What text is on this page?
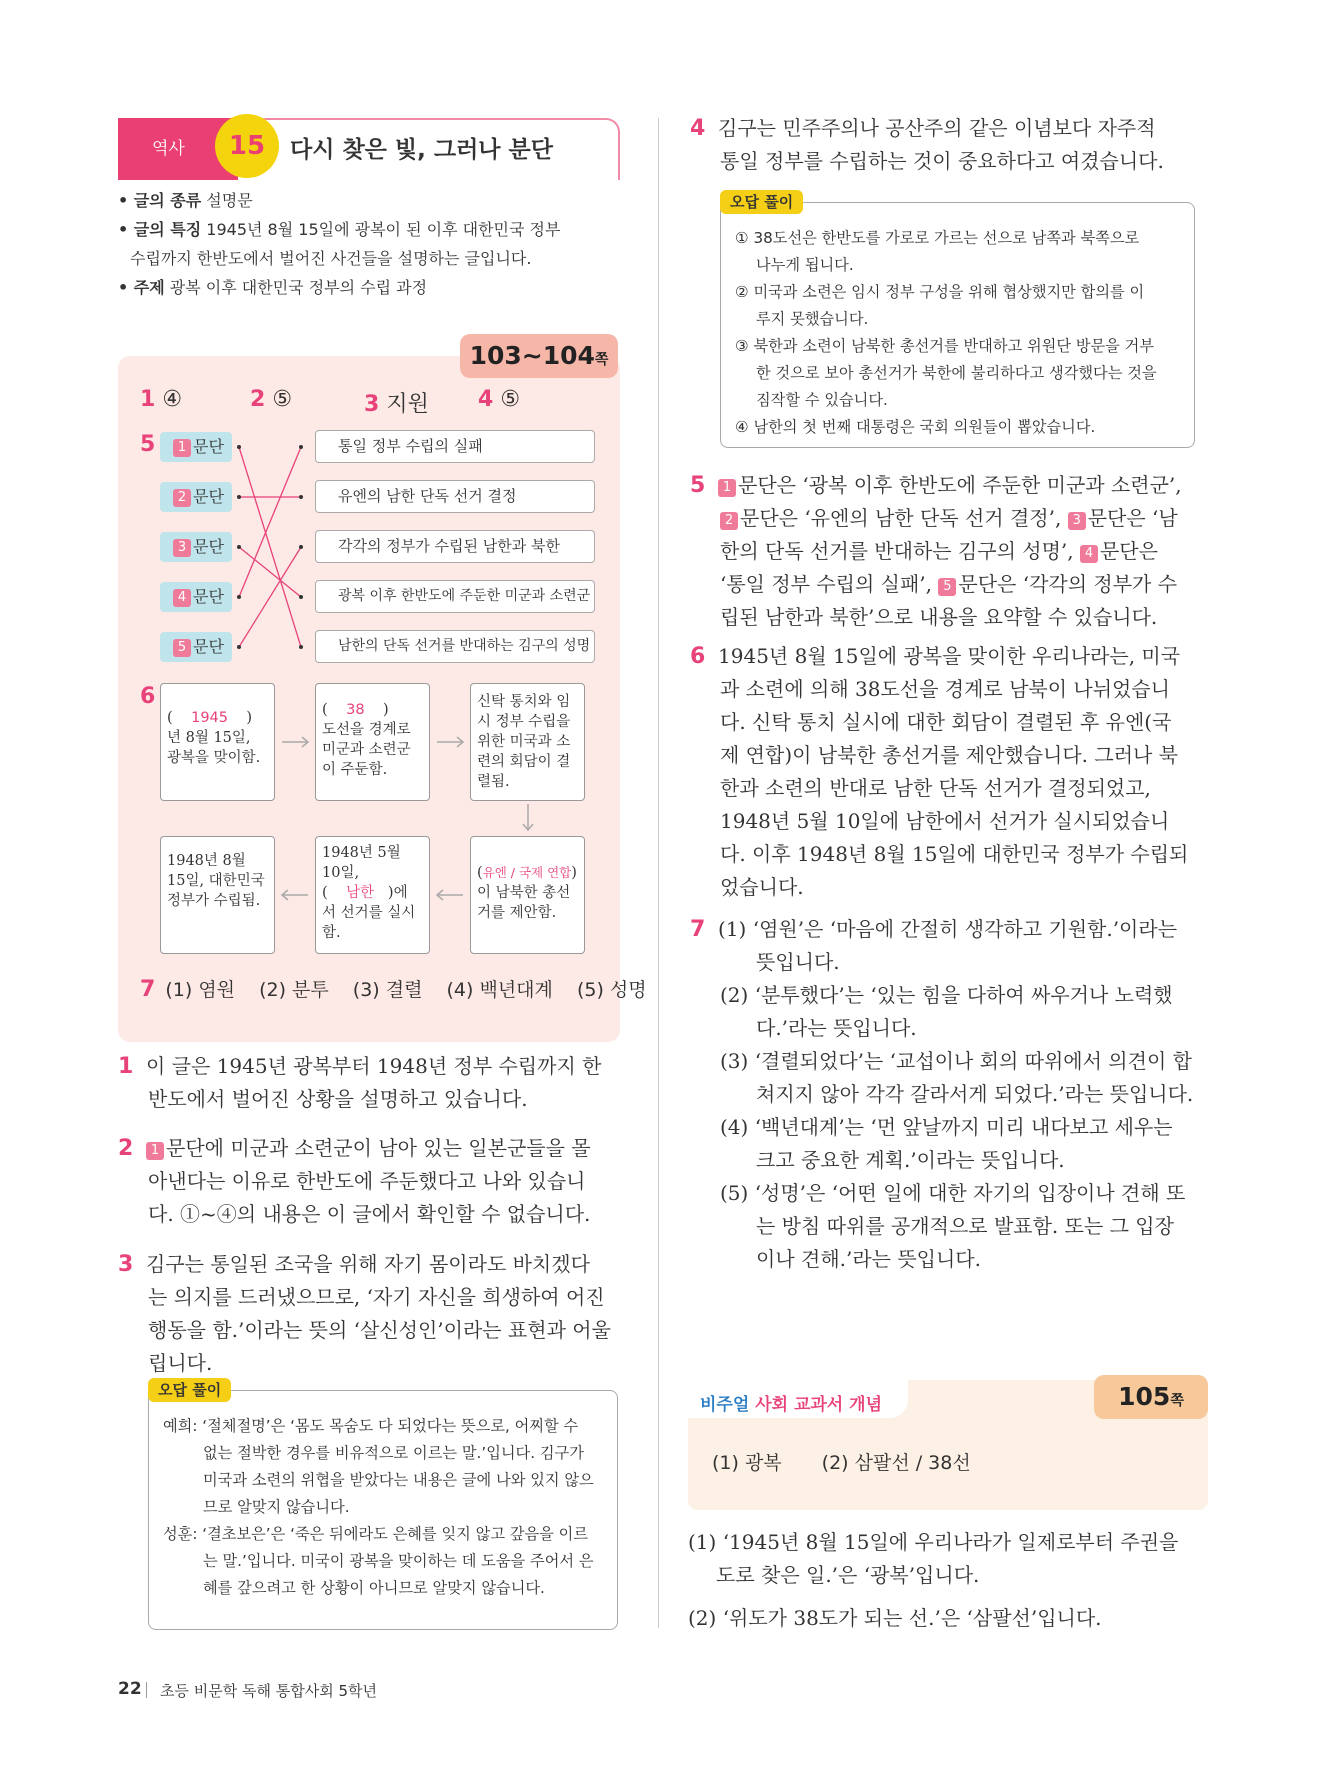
역사	15	다시 찾은 빛, 그러나 분단
• 글의 종류 설명문
• 글의 특징 1945년 8월 15일에 광복이 된 이후 대한민국 정부
수립까지 한반도에서 벌어진 사건들을 설명하는 글입니다.
• 주제 광복 이후 대한민국 정부의 수립 과정
103~104쪽
1 ④	2 ⑤	3 지원 4 ⑤
5	1 문단
2 문단
3 문단
4 문단
5 문단
통일 정부 수립의 실패
유엔의 남한 단독 선거 결정
각각의 정부가 수립된 남한과 북한
광복 이후 한반도에 주둔한 미군과 소련군
남한의 단독 선거를 반대하는 김구의 성명
6
(    1945    )
년 8월 15일, 광복을 맞이함.
(    38    )
도선을 경계로 미군과 소련군이 주둔함.
신탁 통치와 임시 정부 수립을 위한 미국과 소련의 회담이 결렬됨.
1948년 8월 15일, 대한민국 정부가 수립됨.
1948년 5월 10일,
(    남한   )에
서 선거를 실시함.
(유엔 / 국제 연합)
이 남북한 총선거를 제안함.
7 (1) 염원 (2) 분투 (3) 결렬 (4) 백년대계 (5) 성명
1 이 글은 1945년 광복부터 1948년 정부 수립까지 한
반도에서 벌어진 상황을 설명하고 있습니다.
2 1 문단에 미군과 소련군이 남아 있는 일본군들을 몰
아낸다는 이유로 한반도에 주둔했다고 나와 있습니
다. ①~④의 내용은 이 글에서 확인할 수 없습니다.
3 김구는 통일된 조국을 위해 자기 몸이라도 바치겠다
는 의지를 드러냈으므로, ‘자기 자신을 희생하여 어진
행동을 함.’이라는 뜻의 ‘살신성인’이라는 표현과 어울
립니다.
예희: ‘절체절명’은 ‘몸도 목숨도 다 되었다는 뜻으로, 어찌할 수
없는 절박한 경우를 비유적으로 이르는 말.’입니다. 김구가
미국과 소련의 위협을 받았다는 내용은 글에 나와 있지 않으
므로 알맞지 않습니다.
성훈: ‘결초보은’은 ‘죽은 뒤에라도 은혜를 잊지 않고 갚음을 이르
는 말.’입니다. 미국이 광복을 맞이하는 데 도움을 주어서 은
혜를 갚으려고 한 상황이 아니므로 알맞지 않습니다.
오답 풀이
4 김구는 민주주의나 공산주의 같은 이념보다 자주적
통일 정부를 수립하는 것이 중요하다고 여겼습니다.
① 38도선은 한반도를 가로로 가르는 선으로 남쪽과 북쪽으로
나누게 됩니다.
② 미국과 소련은 임시 정부 구성을 위해 협상했지만 합의를 이
루지 못했습니다.
③ 북한과 소련이 남북한 총선거를 반대하고 위원단 방문을 거부
한 것으로 보아 총선거가 북한에 불리하다고 생각했다는 것을
짐작할 수 있습니다.
④ 남한의 첫 번째 대통령은 국회 의원들이 뽑았습니다.
오답 풀이
5 1 문단은 ‘광복 이후 한반도에 주둔한 미군과 소련군’,
2 문단은 ‘유엔의 남한 단독 선거 결정’, 3 문단은 ‘남
한의 단독 선거를 반대하는 김구의 성명’, 4 문단은
‘통일 정부 수립의 실패’, 5 문단은 ‘각각의 정부가 수
립된 남한과 북한’으로 내용을 요약할 수 있습니다.
6 1945년 8월 15일에 광복을 맞이한 우리나라는, 미국
과 소련에 의해 38도선을 경계로 남북이 나뉘었습니
다. 신탁 통치 실시에 대한 회담이 결렬된 후 유엔(국
제 연합)이 남북한 총선거를 제안했습니다. 그러나 북
한과 소련의 반대로 남한 단독 선거가 결정되었고,
1948년 5월 10일에 남한에서 선거가 실시되었습니
다. 이후 1948년 8월 15일에 대한민국 정부가 수립되
었습니다.
7 (1) ‘염원’은 ‘마음에 간절히 생각하고 기원함.’이라는
뜻입니다.
(2) ‘분투했다’는 ‘있는 힘을 다하여 싸우거나 노력했
다.’라는 뜻입니다.
(3) ‘결렬되었다’는 ‘교섭이나 회의 따위에서 의견이 합
쳐지지 않아 각각 갈라서게 되었다.’라는 뜻입니다.
(4) ‘백년대계’는 ‘먼 앞날까지 미리 내다보고 세우는
크고 중요한 계획.’이라는 뜻입니다.
(5) ‘성명’은 ‘어떤 일에 대한 자기의 입장이나 견해 또
는 방침 따위를 공개적으로 발표함. 또는 그 입장
이나 견해.’라는 뜻입니다.
비주얼 사회 교과서 개념	105쪽
(1) 광복 (2) 삼팔선 / 38선
(1) ‘1945년 8월 15일에 우리나라가 일제로부터 주권을
도로 찾은 일.’은 ‘광복’입니다.
(2) ‘위도가 38도가 되는 선.’은 ‘삼팔선’입니다.
22 초등 비문학 독해 통합사회 5학년
